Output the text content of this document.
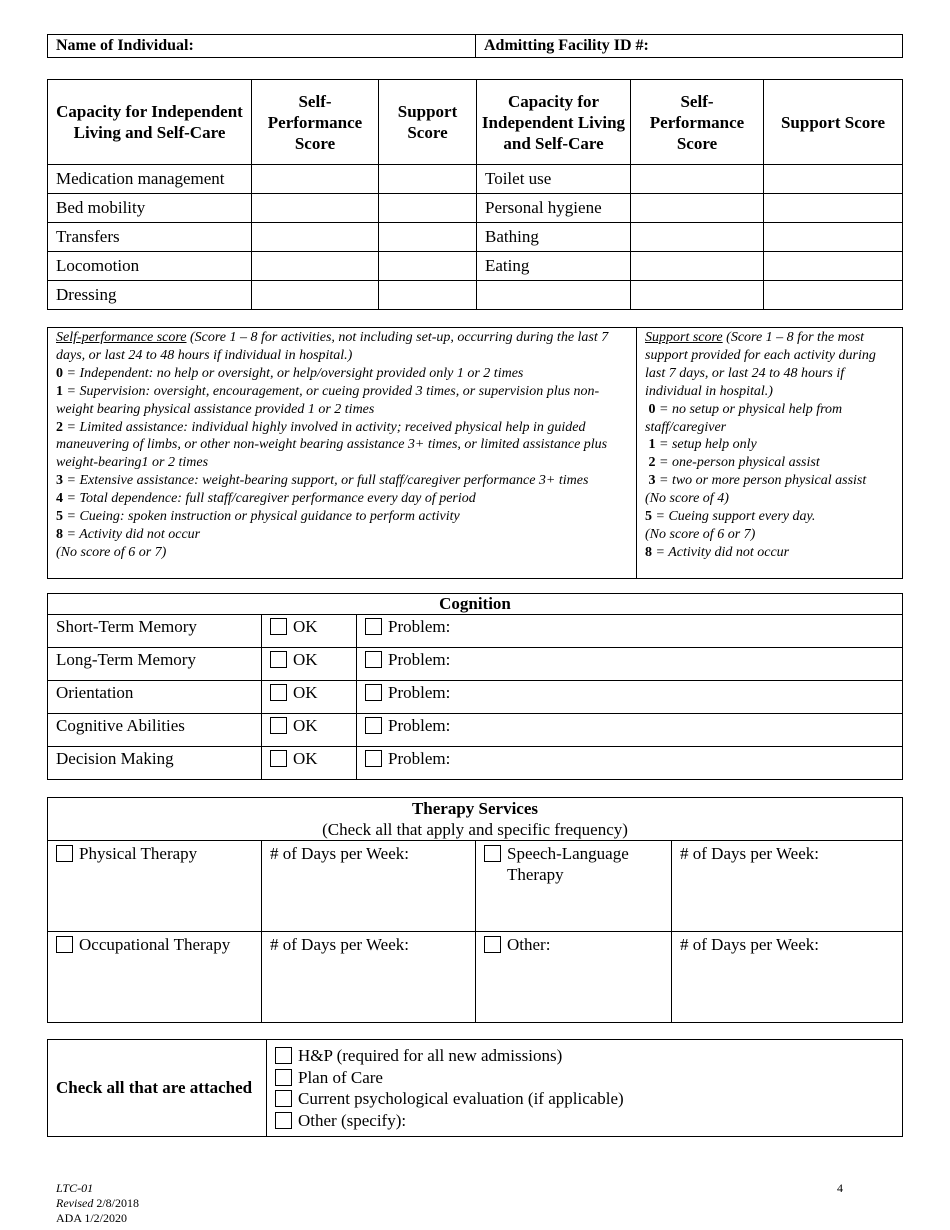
Name of Individual:	Admitting Facility ID #:
Capacity for Independent Living and Self-Care	Self-Performance Score	Support Score	Capacity for Independent Living and Self-Care	Self-Performance Score	Support Score
Medication management			Toilet use		
Bed mobility			Personal hygiene		
Transfers			Bathing		
Locomotion			Eating		
Dressing					
Self-performance score (Score 1 – 8 for activities, not including set-up, occurring during the last 7 days, or last 24 to 48 hours if individual in hospital.)
0 = Independent: no help or oversight, or help/oversight provided only 1 or 2 times
1 = Supervision: oversight, encouragement, or cueing provided 3 times, or supervision plus non-weight bearing physical assistance provided 1 or 2 times
2 = Limited assistance: individual highly involved in activity; received physical help in guided maneuvering of limbs, or other non-weight bearing assistance 3+ times, or limited assistance plus weight-bearing1 or 2 times
3 = Extensive assistance: weight-bearing support, or full staff/caregiver performance 3+ times
4 = Total dependence: full staff/caregiver performance every day of period
5 = Cueing: spoken instruction or physical guidance to perform activity
8 = Activity did not occur
(No score of 6 or 7)

Support score (Score 1 – 8 for the most support provided for each activity during last 7 days, or last 24 to 48 hours if individual in hospital.)
0 = no setup or physical help from staff/caregiver
1 = setup help only
2 = one-person physical assist
3 = two or more person physical assist
(No score of 4)
5 = Cueing support every day.
(No score of 6 or 7)
8 = Activity did not occur
Cognition		
Short-Term Memory	OK	Problem:
Long-Term Memory	OK	Problem:
Orientation	OK	Problem:
Cognitive Abilities	OK	Problem:
Decision Making	OK	Problem:
Therapy Services
(Check all that apply and specific frequency)			

Physical Therapy	# of Days per Week:	Speech-Language Therapy	# of Days per Week:

Occupational Therapy	# of Days per Week:	Other:	# of Days per Week:
Check all that are attached	
H&P (required for all new admissions)
Plan of Care
Current psychological evaluation (if applicable)
Other (specify):
LTC-01
Revised 2/8/2018
ADA 1/2/2020
4
